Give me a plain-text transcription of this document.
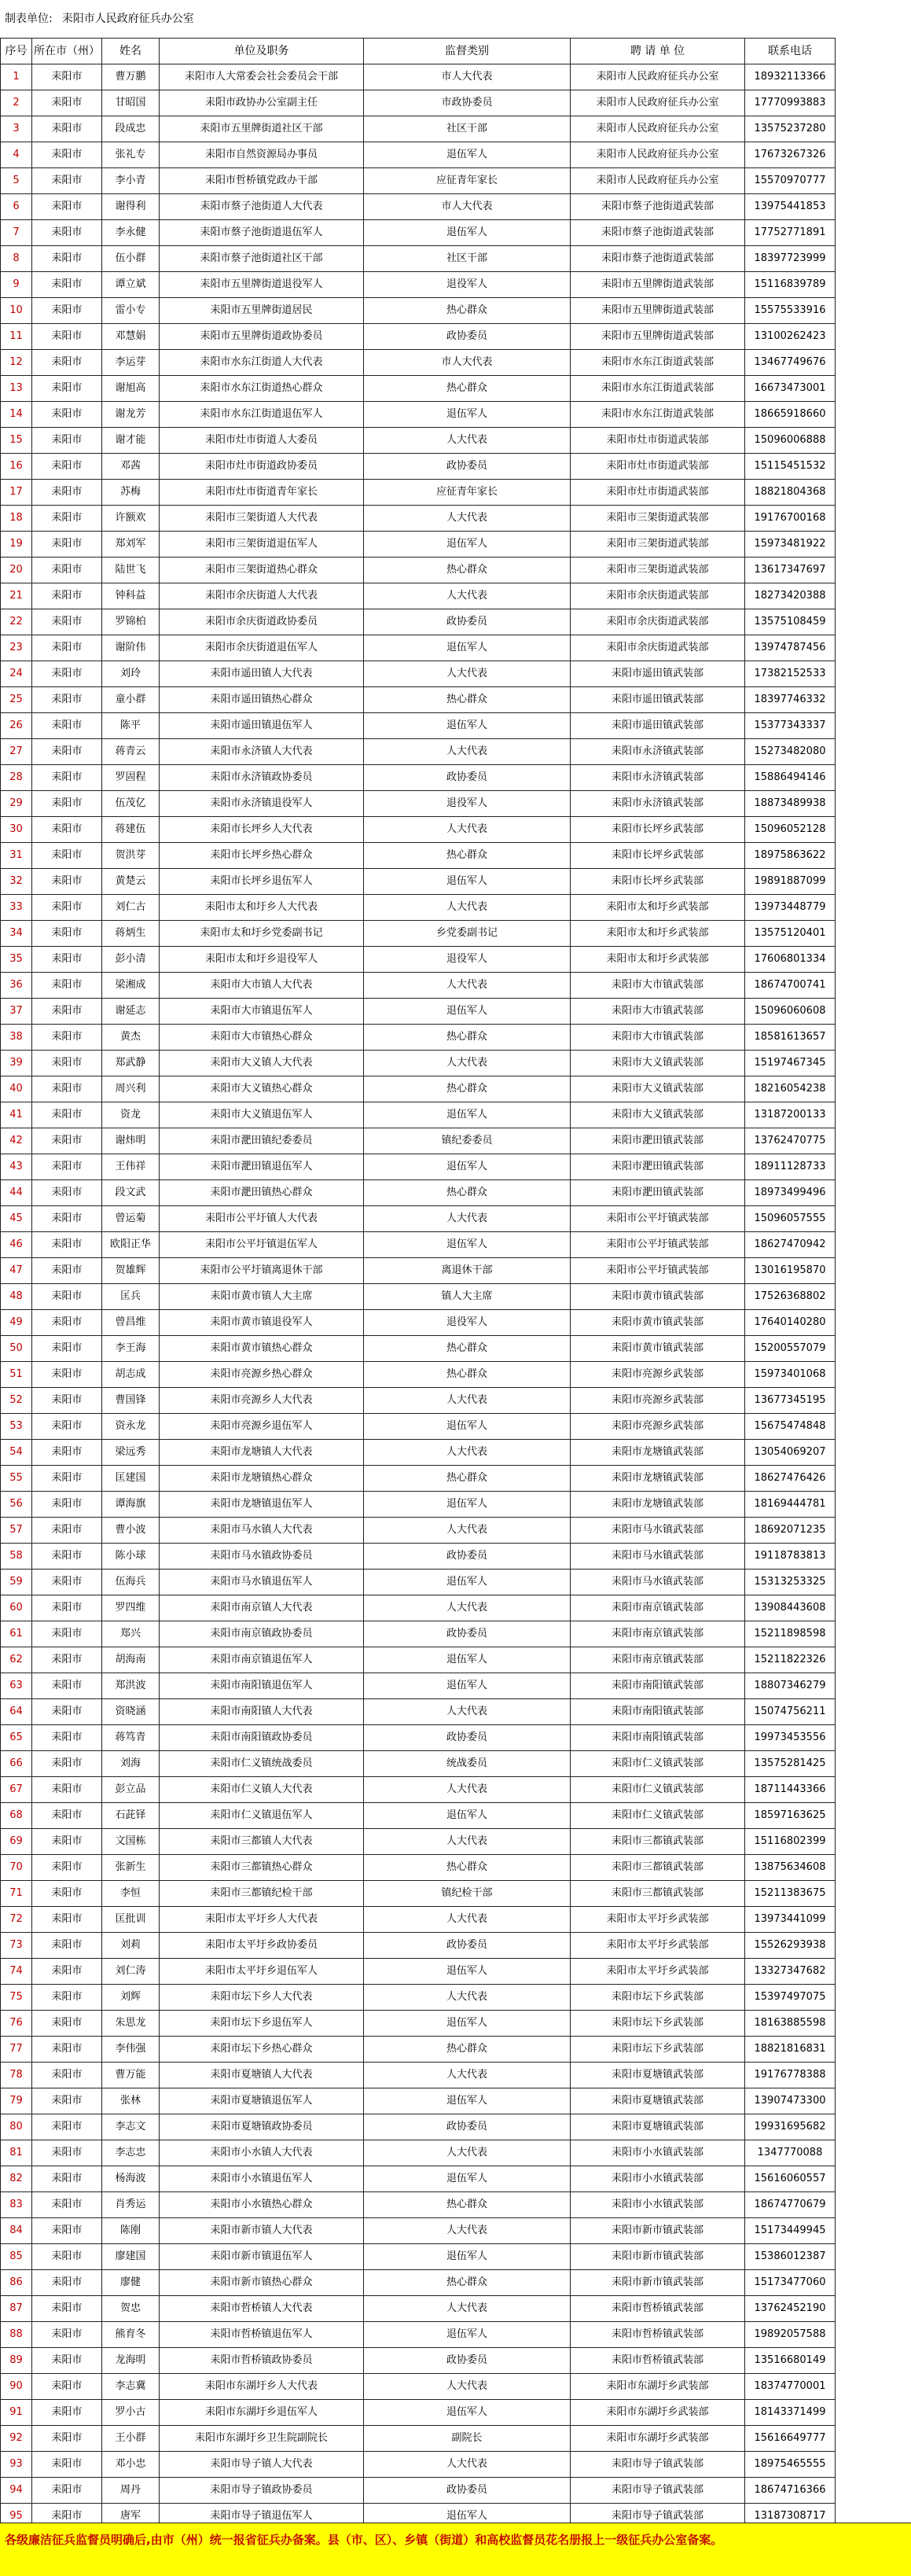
制表单位: 耒阳市人民政府征兵办公室
序号	所在市（州）	姓名	单位及职务	监督类别	聘 请 单 位	联系电话
1	耒阳市	曹万鹏	耒阳市人大常委会社会委员会干部	市人大代表	耒阳市人民政府征兵办公室	18932113366
2	耒阳市	甘昭国	耒阳市政协办公室副主任	市政协委员	耒阳市人民政府征兵办公室	17770993883
3	耒阳市	段成忠	耒阳市五里牌街道社区干部	社区干部	耒阳市人民政府征兵办公室	13575237280
4	耒阳市	张礼专	耒阳市自然资源局办事员	退伍军人	耒阳市人民政府征兵办公室	17673267326
5	耒阳市	李小青	耒阳市哲桥镇党政办干部	应征青年家长	耒阳市人民政府征兵办公室	15570970777
6	耒阳市	谢得利	耒阳市蔡子池街道人大代表	市人大代表	耒阳市蔡子池街道武装部	13975441853
7	耒阳市	李永健	耒阳市蔡子池街道退伍军人	退伍军人	耒阳市蔡子池街道武装部	17752771891
8	耒阳市	伍小群	耒阳市蔡子池街道社区干部	社区干部	耒阳市蔡子池街道武装部	18397723999
9	耒阳市	谭立斌	耒阳市五里牌街道退役军人	退役军人	耒阳市五里牌街道武装部	15116839789
10	耒阳市	雷小专	耒阳市五里牌街道居民	热心群众	耒阳市五里牌街道武装部	15575533916
11	耒阳市	邓慧娟	耒阳市五里牌街道政协委员	政协委员	耒阳市五里牌街道武装部	13100262423
12	耒阳市	李运芽	耒阳市水东江街道人大代表	市人大代表	耒阳市水东江街道武装部	13467749676
13	耒阳市	谢旭高	耒阳市水东江街道热心群众	热心群众	耒阳市水东江街道武装部	16673473001
14	耒阳市	谢龙芳	耒阳市水东江街道退伍军人	退伍军人	耒阳市水东江街道武装部	18665918660
15	耒阳市	谢才能	耒阳市灶市街道人大委员	人大代表	耒阳市灶市街道武装部	15096006888
16	耒阳市	邓茜	耒阳市灶市街道政协委员	政协委员	耒阳市灶市街道武装部	15115451532
17	耒阳市	苏梅	耒阳市灶市街道青年家长	应征青年家长	耒阳市灶市街道武装部	18821804368
18	耒阳市	许额欢	耒阳市三架街道人大代表	人大代表	耒阳市三架街道武装部	19176700168
19	耒阳市	郑刘军	耒阳市三架街道退伍军人	退伍军人	耒阳市三架街道武装部	15973481922
20	耒阳市	陆世飞	耒阳市三架街道热心群众	热心群众	耒阳市三架街道武装部	13617347697
21	耒阳市	钟科益	耒阳市余庆街道人大代表	人大代表	耒阳市余庆街道武装部	18273420388
22	耒阳市	罗锦柏	耒阳市余庆街道政协委员	政协委员	耒阳市余庆街道武装部	13575108459
23	耒阳市	谢阶伟	耒阳市余庆街道退伍军人	退伍军人	耒阳市余庆街道武装部	13974787456
24	耒阳市	刘玲	耒阳市遥田镇人大代表	人大代表	耒阳市遥田镇武装部	17382152533
25	耒阳市	童小群	耒阳市遥田镇热心群众	热心群众	耒阳市遥田镇武装部	18397746332
26	耒阳市	陈平	耒阳市遥田镇退伍军人	退伍军人	耒阳市遥田镇武装部	15377343337
27	耒阳市	蒋青云	耒阳市永济镇人大代表	人大代表	耒阳市永济镇武装部	15273482080
28	耒阳市	罗固程	耒阳市永济镇政协委员	政协委员	耒阳市永济镇武装部	15886494146
29	耒阳市	伍茂亿	耒阳市永济镇退役军人	退役军人	耒阳市永济镇武装部	18873489938
30	耒阳市	蒋建伍	耒阳市长坪乡人大代表	人大代表	耒阳市长坪乡武装部	15096052128
31	耒阳市	贺洪芽	耒阳市长坪乡热心群众	热心群众	耒阳市长坪乡武装部	18975863622
32	耒阳市	黄楚云	耒阳市长坪乡退伍军人	退伍军人	耒阳市长坪乡武装部	19891887099
33	耒阳市	刘仁古	耒阳市太和圩乡人大代表	人大代表	耒阳市太和圩乡武装部	13973448779
34	耒阳市	蒋炳生	耒阳市太和圩乡党委副书记	乡党委副书记	耒阳市太和圩乡武装部	13575120401
35	耒阳市	彭小清	耒阳市太和圩乡退役军人	退役军人	耒阳市太和圩乡武装部	17606801334
36	耒阳市	梁湘成	耒阳市大市镇人大代表	人大代表	耒阳市大市镇武装部	18674700741
37	耒阳市	谢延志	耒阳市大市镇退伍军人	退伍军人	耒阳市大市镇武装部	15096060608
38	耒阳市	黄杰	耒阳市大市镇热心群众	热心群众	耒阳市大市镇武装部	18581613657
39	耒阳市	郑武静	耒阳市大义镇人大代表	人大代表	耒阳市大义镇武装部	15197467345
40	耒阳市	周兴利	耒阳市大义镇热心群众	热心群众	耒阳市大义镇武装部	18216054238
41	耒阳市	资龙	耒阳市大义镇退伍军人	退伍军人	耒阳市大义镇武装部	13187200133
42	耒阳市	谢炜明	耒阳市淝田镇纪委委员	镇纪委委员	耒阳市淝田镇武装部	13762470775
43	耒阳市	王伟祥	耒阳市淝田镇退伍军人	退伍军人	耒阳市淝田镇武装部	18911128733
44	耒阳市	段文武	耒阳市淝田镇热心群众	热心群众	耒阳市淝田镇武装部	18973499496
45	耒阳市	曾运菊	耒阳市公平圩镇人大代表	人大代表	耒阳市公平圩镇武装部	15096057555
46	耒阳市	欧阳正华	耒阳市公平圩镇退伍军人	退伍军人	耒阳市公平圩镇武装部	18627470942
47	耒阳市	贺雄辉	耒阳市公平圩镇离退休干部	离退休干部	耒阳市公平圩镇武装部	13016195870
48	耒阳市	匡兵	耒阳市黄市镇人大主席	镇人大主席	耒阳市黄市镇武装部	17526368802
49	耒阳市	曾昌维	耒阳市黄市镇退役军人	退役军人	耒阳市黄市镇武装部	17640140280
50	耒阳市	李王海	耒阳市黄市镇热心群众	热心群众	耒阳市黄市镇武装部	15200557079
51	耒阳市	胡志成	耒阳市亮源乡热心群众	热心群众	耒阳市亮源乡武装部	15973401068
52	耒阳市	曹国锋	耒阳市亮源乡人大代表	人大代表	耒阳市亮源乡武装部	13677345195
53	耒阳市	资永龙	耒阳市亮源乡退伍军人	退伍军人	耒阳市亮源乡武装部	15675474848
54	耒阳市	梁远秀	耒阳市龙塘镇人大代表	人大代表	耒阳市龙塘镇武装部	13054069207
55	耒阳市	匡建国	耒阳市龙塘镇热心群众	热心群众	耒阳市龙塘镇武装部	18627476426
56	耒阳市	谭海旗	耒阳市龙塘镇退伍军人	退伍军人	耒阳市龙塘镇武装部	18169444781
57	耒阳市	曹小波	耒阳市马水镇人大代表	人大代表	耒阳市马水镇武装部	18692071235
58	耒阳市	陈小球	耒阳市马水镇政协委员	政协委员	耒阳市马水镇武装部	19118783813
59	耒阳市	伍海兵	耒阳市马水镇退伍军人	退伍军人	耒阳市马水镇武装部	15313253325
60	耒阳市	罗四维	耒阳市南京镇人大代表	人大代表	耒阳市南京镇武装部	13908443608
61	耒阳市	郑兴	耒阳市南京镇政协委员	政协委员	耒阳市南京镇武装部	15211898598
62	耒阳市	胡海南	耒阳市南京镇退伍军人	退伍军人	耒阳市南京镇武装部	15211822326
63	耒阳市	郑洪波	耒阳市南阳镇退伍军人	退伍军人	耒阳市南阳镇武装部	18807346279
64	耒阳市	资晓涵	耒阳市南阳镇人大代表	人大代表	耒阳市南阳镇武装部	15074756211
65	耒阳市	蒋笃青	耒阳市南阳镇政协委员	政协委员	耒阳市南阳镇武装部	19973453556
66	耒阳市	刘海	耒阳市仁义镇统战委员	统战委员	耒阳市仁义镇武装部	13575281425
67	耒阳市	彭立品	耒阳市仁义镇人大代表	人大代表	耒阳市仁义镇武装部	18711443366
68	耒阳市	石茈铎	耒阳市仁义镇退伍军人	退伍军人	耒阳市仁义镇武装部	18597163625
69	耒阳市	文国栋	耒阳市三都镇人大代表	人大代表	耒阳市三都镇武装部	15116802399
70	耒阳市	张新生	耒阳市三都镇热心群众	热心群众	耒阳市三都镇武装部	13875634608
71	耒阳市	李恒	耒阳市三都镇纪检干部	镇纪检干部	耒阳市三都镇武装部	15211383675
72	耒阳市	匡批训	耒阳市太平圩乡人大代表	人大代表	耒阳市太平圩乡武装部	13973441099
73	耒阳市	刘莉	耒阳市太平圩乡政协委员	政协委员	耒阳市太平圩乡武装部	15526293938
74	耒阳市	刘仁涛	耒阳市太平圩乡退伍军人	退伍军人	耒阳市太平圩乡武装部	13327347682
75	耒阳市	刘辉	耒阳市坛下乡人大代表	人大代表	耒阳市坛下乡武装部	15397497075
76	耒阳市	朱思龙	耒阳市坛下乡退伍军人	退伍军人	耒阳市坛下乡武装部	18163885598
77	耒阳市	李伟强	耒阳市坛下乡热心群众	热心群众	耒阳市坛下乡武装部	18821816831
78	耒阳市	曹万能	耒阳市夏塘镇人大代表	人大代表	耒阳市夏塘镇武装部	19176778388
79	耒阳市	张林	耒阳市夏塘镇退伍军人	退伍军人	耒阳市夏塘镇武装部	13907473300
80	耒阳市	李志文	耒阳市夏塘镇政协委员	政协委员	耒阳市夏塘镇武装部	19931695682
81	耒阳市	李志忠	耒阳市小水镇人大代表	人大代表	耒阳市小水镇武装部	1347770088
82	耒阳市	杨海波	耒阳市小水镇退伍军人	退伍军人	耒阳市小水镇武装部	15616060557
83	耒阳市	肖秀运	耒阳市小水镇热心群众	热心群众	耒阳市小水镇武装部	18674770679
84	耒阳市	陈刚	耒阳市新市镇人大代表	人大代表	耒阳市新市镇武装部	15173449945
85	耒阳市	廖建国	耒阳市新市镇退伍军人	退伍军人	耒阳市新市镇武装部	15386012387
86	耒阳市	廖健	耒阳市新市镇热心群众	热心群众	耒阳市新市镇武装部	15173477060
87	耒阳市	贺忠	耒阳市哲桥镇人大代表	人大代表	耒阳市哲桥镇武装部	13762452190
88	耒阳市	熊育冬	耒阳市哲桥镇退伍军人	退伍军人	耒阳市哲桥镇武装部	19892057588
89	耒阳市	龙海明	耒阳市哲桥镇政协委员	政协委员	耒阳市哲桥镇武装部	13516680149
90	耒阳市	李志冀	耒阳市东湖圩乡人大代表	人大代表	耒阳市东湖圩乡武装部	18374770001
91	耒阳市	罗小古	耒阳市东湖圩乡退伍军人	退伍军人	耒阳市东湖圩乡武装部	18143371499
92	耒阳市	王小群	耒阳市东湖圩乡卫生院副院长	副院长	耒阳市东湖圩乡武装部	15616649777
93	耒阳市	邓小忠	耒阳市导子镇人大代表	人大代表	耒阳市导子镇武装部	18975465555
94	耒阳市	周丹	耒阳市导子镇政协委员	政协委员	耒阳市导子镇武装部	18674716366
95	耒阳市	唐军	耒阳市导子镇退伍军人	退伍军人	耒阳市导子镇武装部	13187308717
各级廉洁征兵监督员明确后,由市（州）统一报省征兵办备案。县（市、区）、乡镇（街道）和高校监督员花名册报上一级征兵办公室备案。
